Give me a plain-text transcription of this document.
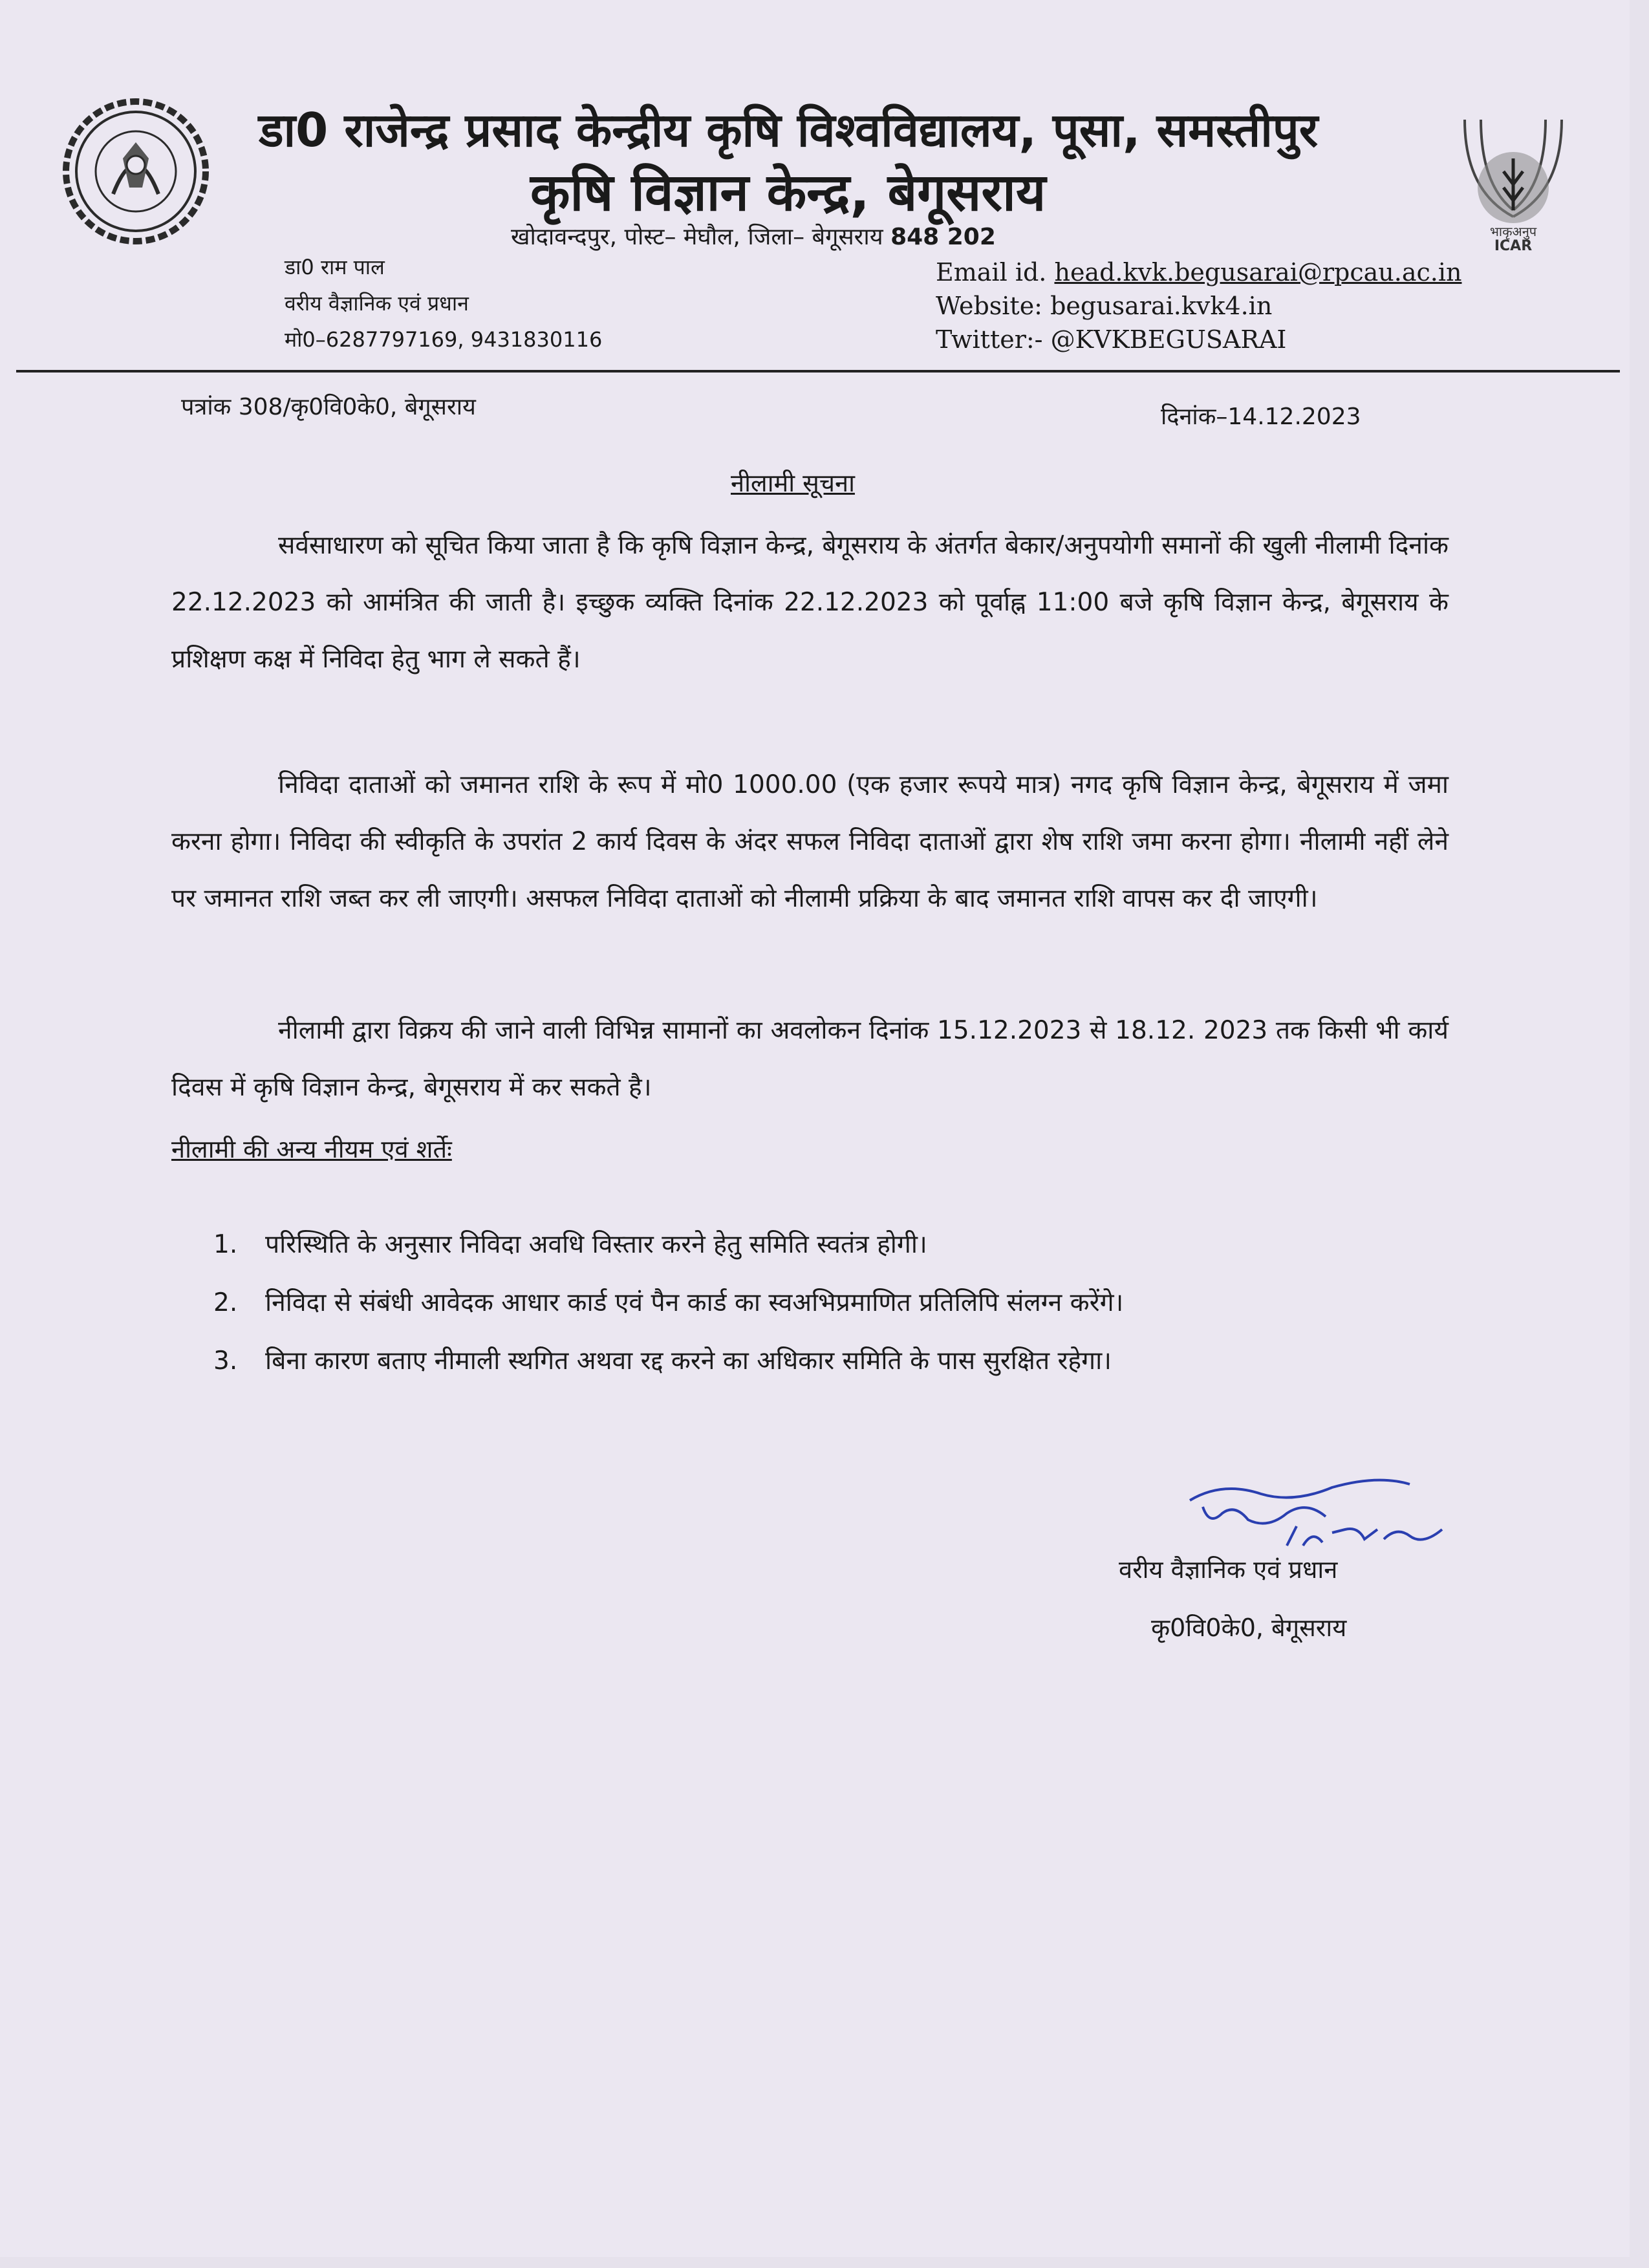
भाकृअनुप
ICAR
डा0 राजेन्द्र प्रसाद केन्द्रीय कृषि विश्वविद्यालय, पूसा, समस्तीपुर
कृषि विज्ञान केन्द्र, बेगूसराय
खोदावन्दपुर, पोस्ट– मेघौल, जिला– बेगूसराय 848 202
डा0 राम पाल
वरीय वैज्ञानिक एवं प्रधान
मो0–6287797169, 9431830116
Email id. head.kvk.begusarai@rpcau.ac.in
Website: begusarai.kvk4.in
Twitter:- @KVKBEGUSARAI
पत्रांक 308/कृ0वि0के0, बेगूसराय	दिनांक–14.12.2023
नीलामी सूचना
सर्वसाधारण को सूचित किया जाता है कि कृषि विज्ञान केन्द्र, बेगूसराय के अंतर्गत बेकार/अनुपयोगी समानों की खुली नीलामी दिनांक 22.12.2023 को आमंत्रित की जाती है। इच्छुक व्यक्ति दिनांक 22.12.2023 को पूर्वाह्न 11:00 बजे कृषि विज्ञान केन्द्र, बेगूसराय के प्रशिक्षण कक्ष में निविदा हेतु भाग ले सकते हैं।
निविदा दाताओं को जमानत राशि के रूप में मो0 1000.00 (एक हजार रूपये मात्र) नगद कृषि विज्ञान केन्द्र, बेगूसराय में जमा करना होगा। निविदा की स्वीकृति के उपरांत 2 कार्य दिवस के अंदर सफल निविदा दाताओं द्वारा शेष राशि जमा करना होगा। नीलामी नहीं लेने पर जमानत राशि जब्त कर ली जाएगी। असफल निविदा दाताओं को नीलामी प्रक्रिया के बाद जमानत राशि वापस कर दी जाएगी।
नीलामी द्वारा विक्रय की जाने वाली विभिन्न सामानों का अवलोकन दिनांक 15.12.2023 से 18.12. 2023 तक किसी भी कार्य दिवस में कृषि विज्ञान केन्द्र, बेगूसराय में कर सकते है।
नीलामी की अन्य नीयम एवं शर्तेः
1.	परिस्थिति के अनुसार निविदा अवधि विस्तार करने हेतु समिति स्वतंत्र होगी।
2.	निविदा से संबंधी आवेदक आधार कार्ड एवं पैन कार्ड का स्वअभिप्रमाणित प्रतिलिपि संलग्न करेंगे।
3.	बिना कारण बताए नीमाली स्थगित अथवा रद्द करने का अधिकार समिति के पास सुरक्षित रहेगा।
वरीय वैज्ञानिक एवं प्रधान
कृ0वि0के0, बेगूसराय
